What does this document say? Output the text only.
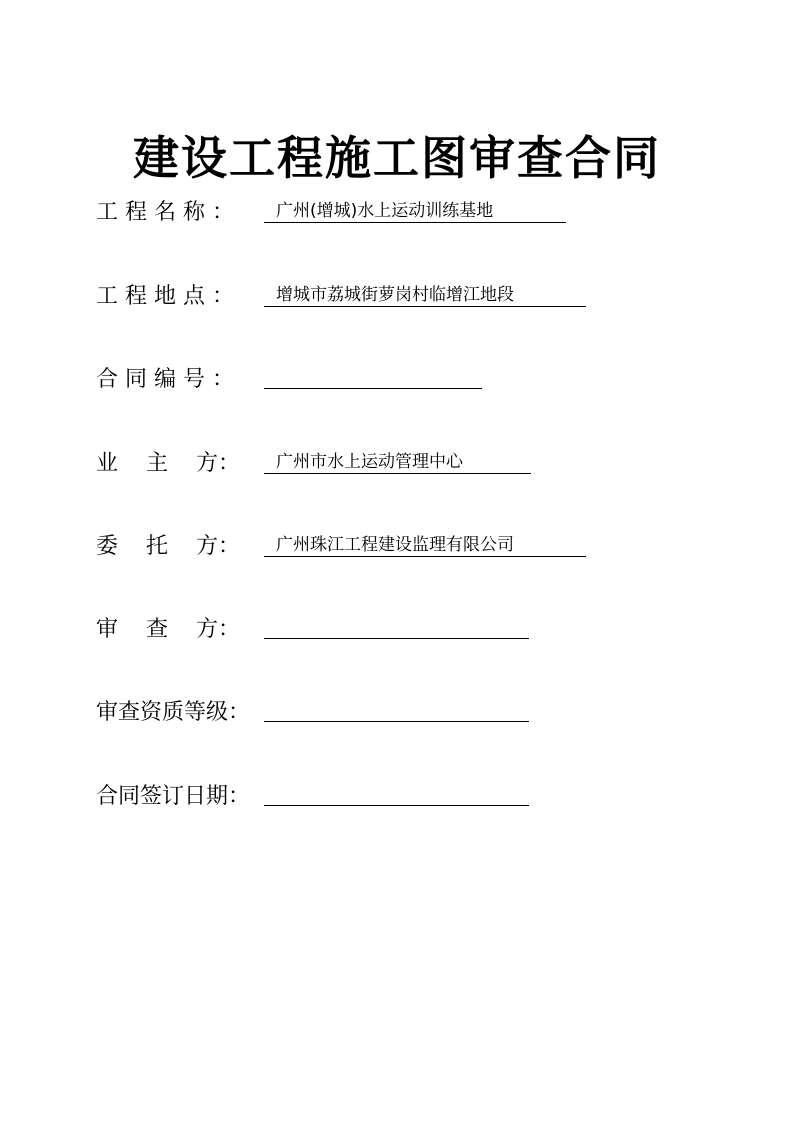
建设工程施工图审查合同
工 程 名 称 ：	广州(增城)水上运动训练基地
工 程 地 点 ：	增城市荔城街萝岗村临增江地段
合 同 编 号 ：
业    主    方：	广州市水上运动管理中心
委    托    方：	广州珠江工程建设监理有限公司
审    查    方：
审查资质等级：
合同签订日期：
